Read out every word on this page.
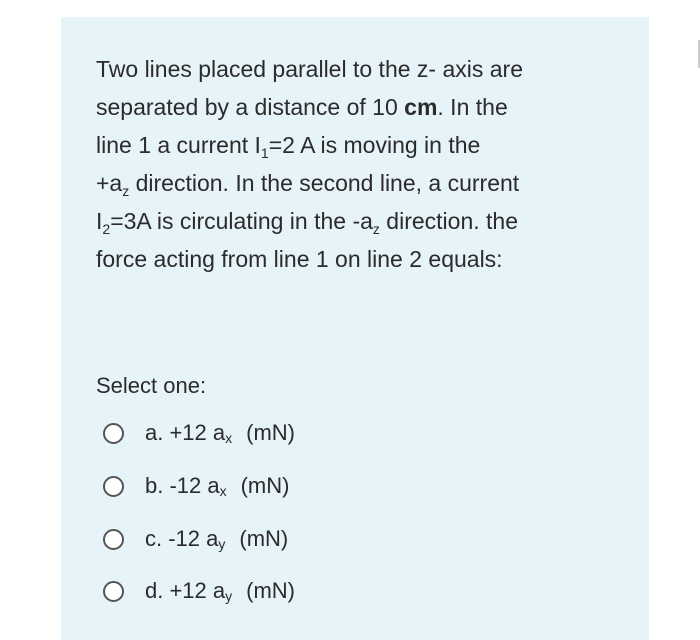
Two lines placed parallel to the z- axis are

separated by a distance of 10 cm. In the

line 1 a current $I_1=2$ A is moving in the

$+a_z$ direction. In the second line, a current

$I_2=3A$ is circulating in the $-a_z$ direction. the

force acting from line 1 on line 2 equals:

Select one:
a. +12 $a_x$ (mN)
b. -12 $a_x$ (mN)
c. -12 $a_y$ (mN)
d. +12 $a_y$ (mN)
